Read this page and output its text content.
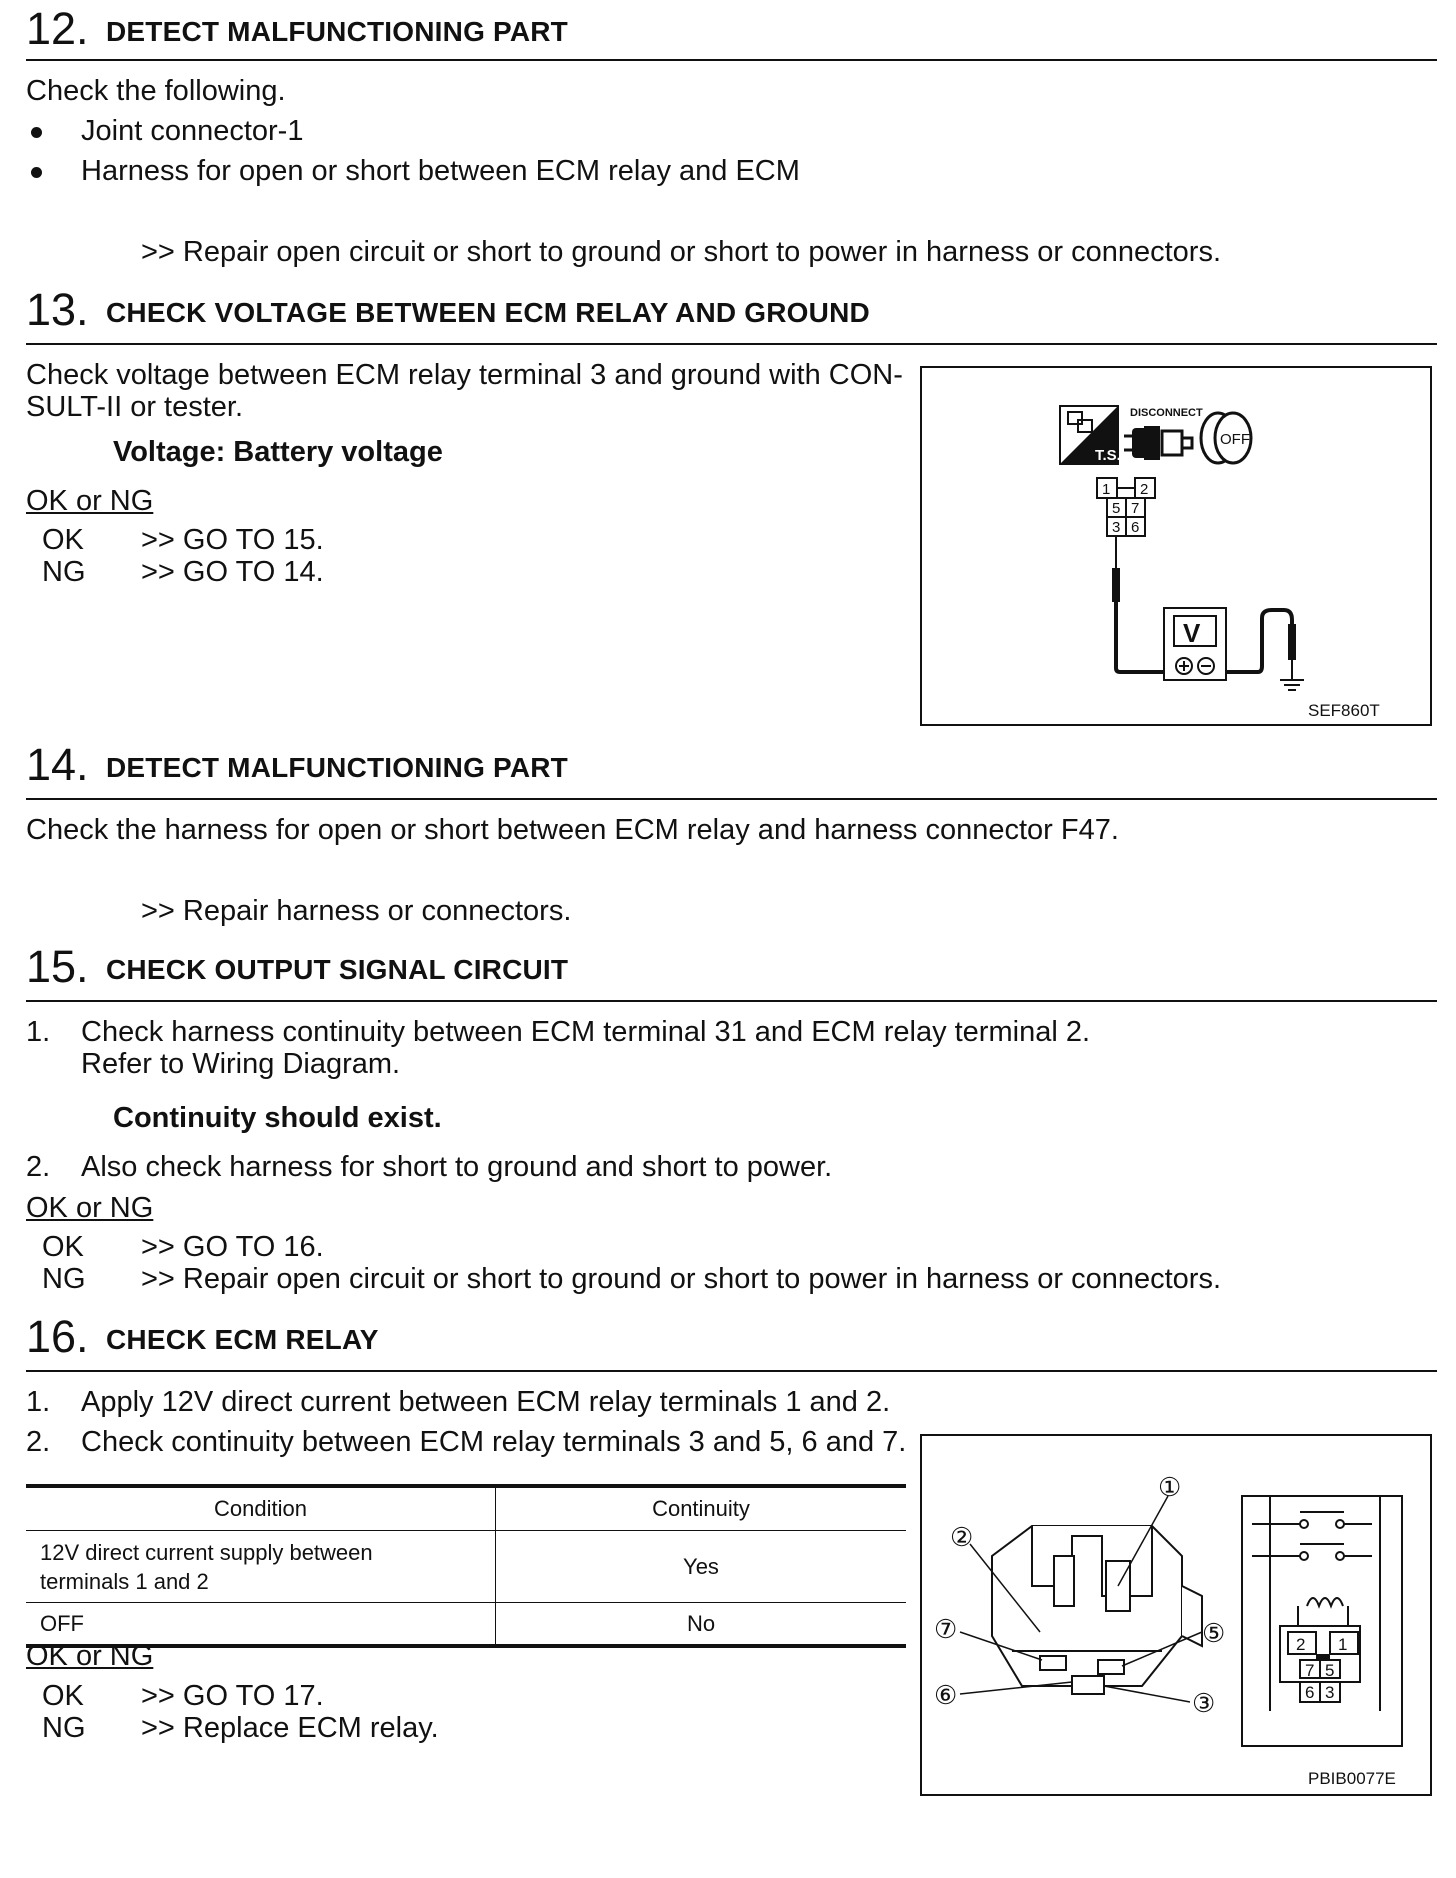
12. DETECT MALFUNCTIONING PART
Check the following.
Joint connector-1
Harness for open or short between ECM relay and ECM
>> Repair open circuit or short to ground or short to power in harness or connectors.
13. CHECK VOLTAGE BETWEEN ECM RELAY AND GROUND
Check voltage between ECM relay terminal 3 and ground with CON-
SULT-II or tester.
Voltage: Battery voltage
OK or NG
OK >> GO TO 15.
NG >> GO TO 14.
T.S.
DISCONNECT
OFF
1 2
5 7
3 6
V
SEF860T
14. DETECT MALFUNCTIONING PART
Check the harness for open or short between ECM relay and harness connector F47.
>> Repair harness or connectors.
15. CHECK OUTPUT SIGNAL CIRCUIT
1. Check harness continuity between ECM terminal 31 and ECM relay terminal 2.
Refer to Wiring Diagram.
Continuity should exist.
2. Also check harness for short to ground and short to power.
OK or NG
OK >> GO TO 16.
NG >> Repair open circuit or short to ground or short to power in harness or connectors.
16. CHECK ECM RELAY
1. Apply 12V direct current between ECM relay terminals 1 and 2.
2. Check continuity between ECM relay terminals 3 and 5, 6 and 7.
Condition	Continuity
12V direct current supply between
terminals 1 and 2	Yes
OFF	No
OK or NG
OK >> GO TO 17.
NG >> Replace ECM relay.
①
②
⑦	⑤
⑥	③
2 1
7 5
6 3
PBIB0077E
